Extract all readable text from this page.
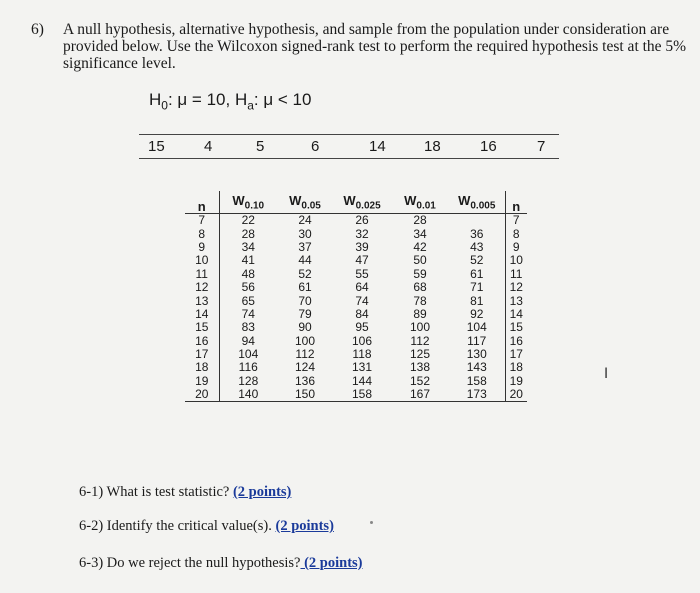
6) A null hypothesis, alternative hypothesis, and sample from the population under consideration are provided below. Use the Wilcoxon signed-rank test to perform the required hypothesis test at the 5% significance level.
$H_0$: μ = 10, $H_a$: μ < 10
15	4	5	6	14	18	16	7
n	$W_{0.10}$	$W_{0.05}$	$W_{0.025}$	$W_{0.01}$	$W_{0.005}$	n
7	22	24	26	28		7
8	28	30	32	34	36	8
9	34	37	39	42	43	9
10	41	44	47	50	52	10
11	48	52	55	59	61	11
12	56	61	64	68	71	12
13	65	70	74	78	81	13
14	74	79	84	89	92	14
15	83	90	95	100	104	15
16	94	100	106	112	117	16
17	104	112	118	125	130	17
18	116	124	131	138	143	18
19	128	136	144	152	158	19
20	140	150	158	167	173	20
6-1) What is test statistic? (2 points)
6-2) Identify the critical value(s). (2 points)
6-3) Do we reject the null hypothesis? (2 points)
I
